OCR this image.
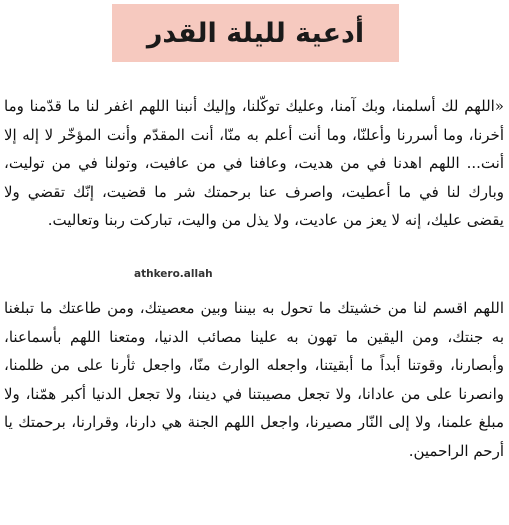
أدعية لليلة القدر
«اللهم لك أسلمنا، وبك آمنا، وعليك توكّلنا، وإليك أنبنا اللهم اغفر لنا ما قدّمنا وما أخرنا، وما أسررنا وأعلنّا، وما أنت أعلم به منّا، أنت المقدّم وأنت المؤخّر لا إله إلا أنت... اللهم اهدنا في من هديت، وعافنا في من عافيت، وتولنا في من توليت، وبارك لنا في ما أعطيت، واصرف عنا برحمتك شر ما قضيت، إنّك تقضي ولا يقضى عليك، إنه لا يعز من عاديت، ولا يذل من واليت، تباركت ربنا وتعاليت.
athkero.allah
اللهم اقسم لنا من خشيتك ما تحول به بيننا وبين معصيتك، ومن طاعتك ما تبلغنا به جنتك، ومن اليقين ما تهون به علينا مصائب الدنيا، ومتعنا اللهم بأسماعنا، وأبصارنا، وقوتنا أبداً ما أبقيتنا، واجعله الوارث منّا، واجعل ثأرنا على من ظلمنا، وانصرنا على من عادانا، ولا تجعل مصيبتنا في ديننا، ولا تجعل الدنيا أكبر همّنا، ولا مبلغ علمنا، ولا إلى النّار مصيرنا، واجعل اللهم الجنة هي دارنا، وقرارنا، برحمتك يا أرحم الراحمين.
